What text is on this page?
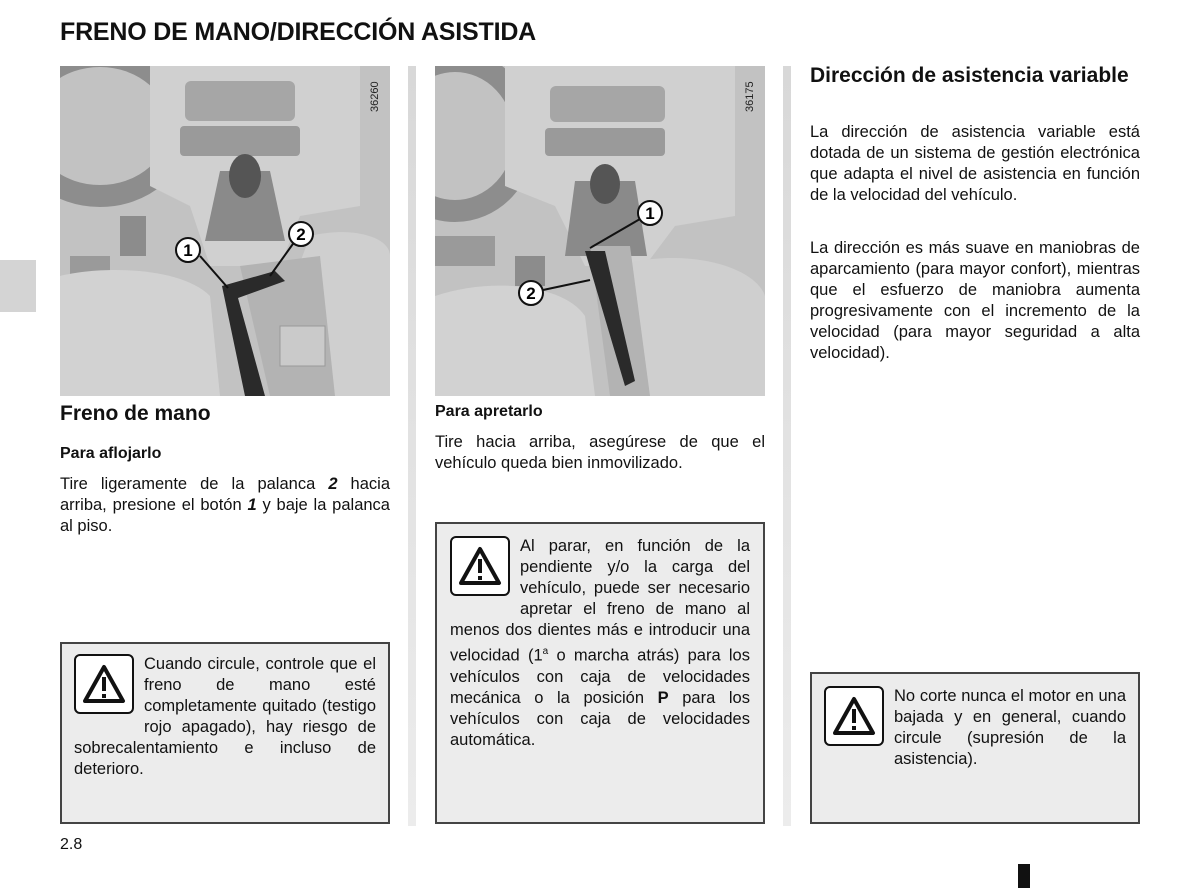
FRENO DE MANO/DIRECCIÓN ASISTIDA
1
2
36260
Freno de mano
Para aflojarlo

Tire ligeramente de la palanca 2 hacia arriba, presione el botón 1 y baje la palanca al piso.

Cuando circule, controle que el freno de mano esté completamente quitado (testigo rojo apagado), hay riesgo de sobrecalentamiento e incluso de deterioro.

1
2
36175
Para apretarlo

Tire hacia arriba, asegúrese de que el vehículo queda bien inmovilizado.

Al parar, en función de la pendiente y/o la carga del vehículo, puede ser necesario apretar el freno de mano al menos dos dientes más e introducir una velocidad (1$^a$ o marcha atrás) para los vehículos con caja de velocidades mecánica o la posición P para los vehículos con caja de velocidades automática.

Dirección de asistencia variable

La dirección de asistencia variable está dotada de un sistema de gestión electrónica que adapta el nivel de asistencia en función de la velocidad del vehículo.

La dirección es más suave en maniobras de aparcamiento (para mayor confort), mientras que el esfuerzo de maniobra aumenta progresivamente con el incremento de la velocidad (para mayor seguridad a alta velocidad).

No corte nunca el motor en una bajada y en general, cuando circule (supresión de la asistencia).

2.8
